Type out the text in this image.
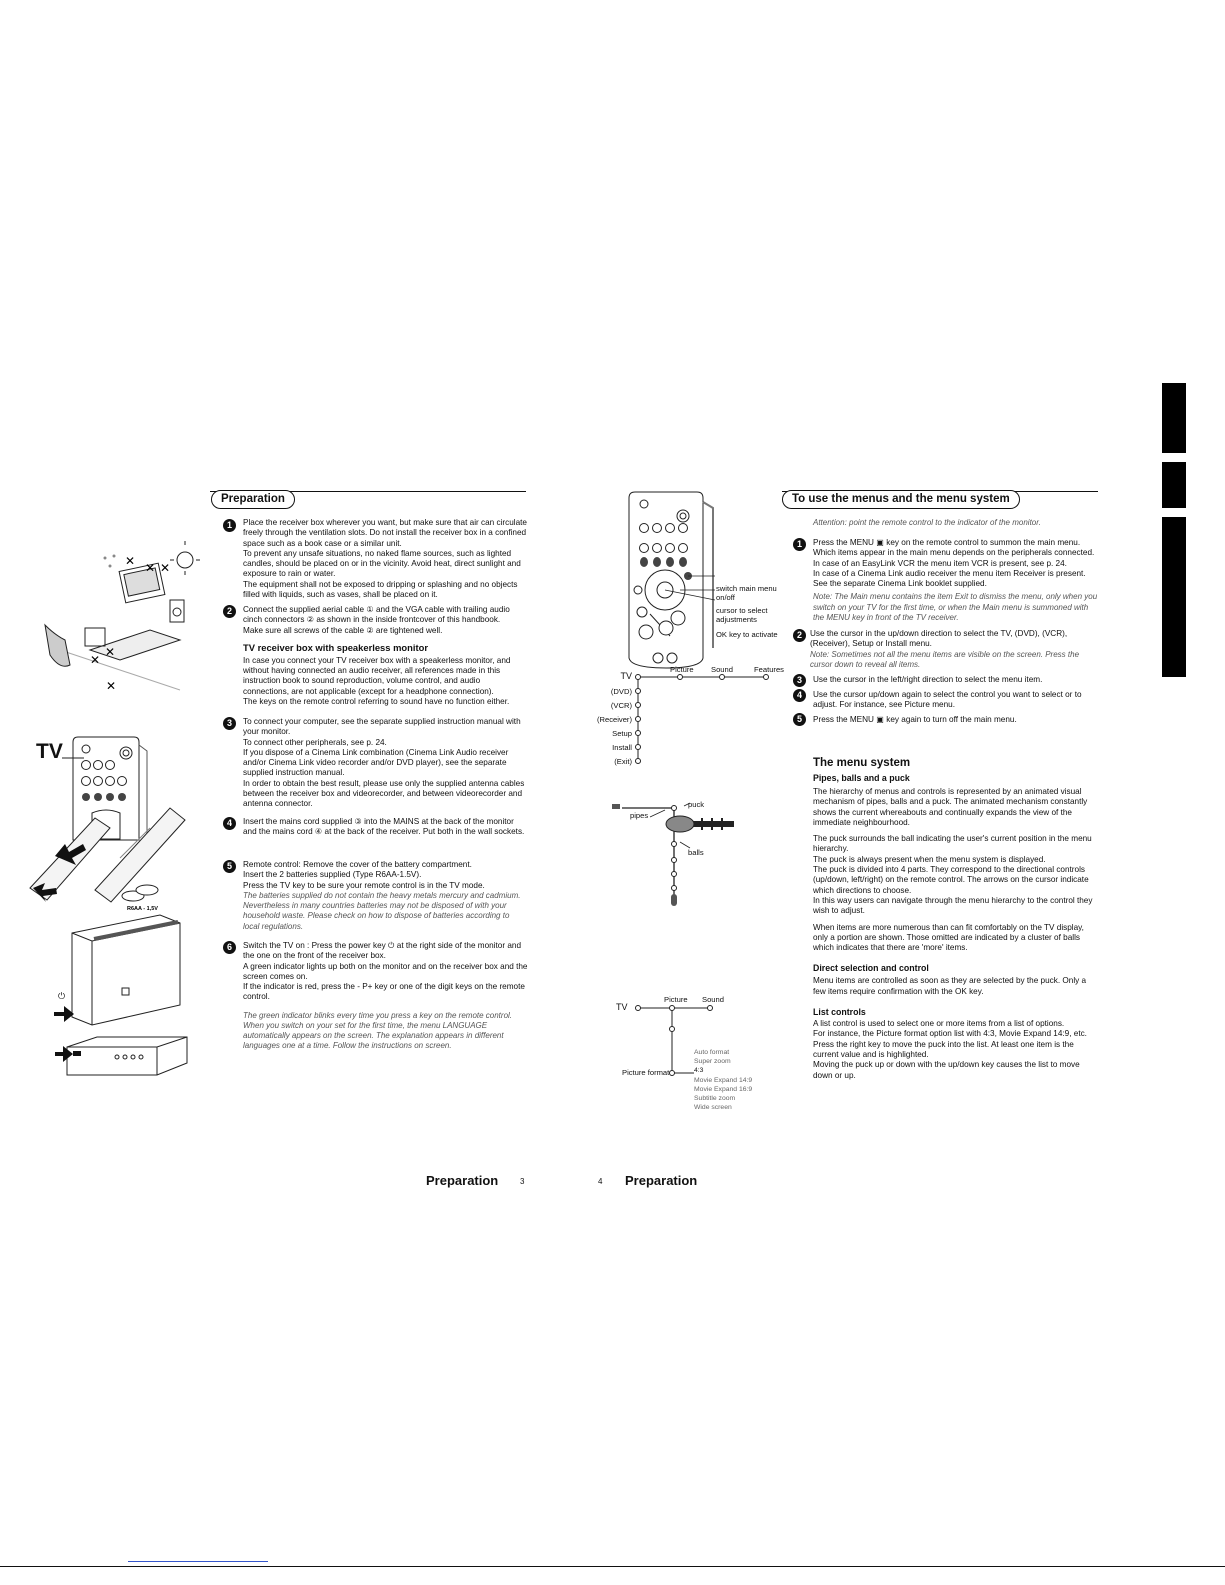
✕ ✕ ✕
✕
✕
✕
TV
R6AA - 1,5V
⏻
Preparation
1	Place the receiver box wherever you want, but make sure that air can circulate freely through the ventilation slots. Do not install the receiver box in a confined space such as a book case or a similar unit.

To prevent any unsafe situations, no naked flame sources, such as lighted candles, should be placed on or in the vicinity. Avoid heat, direct sunlight and exposure to rain or water.

The equipment shall not be exposed to dripping or splashing and no objects filled with liquids, such as vases, shall be placed on it.

2	Connect the supplied aerial cable ① and the VGA cable with trailing audio cinch connectors ② as shown in the inside frontcover of this handbook.

Make sure all screws of the cable ② are tightened well.

TV receiver box with speakerless monitor

In case you connect your TV receiver box with a speakerless monitor, and without having connected an audio receiver, all references made in this instruction book to sound reproduction, volume control, and audio connections, are not applicable (except for a headphone connection).

The keys on the remote control referring to sound have no function either.

3	To connect your computer, see the separate supplied instruction manual with your monitor.

To connect other peripherals, see p. 24.

If you dispose of a Cinema Link combination (Cinema Link Audio receiver and/or Cinema Link video recorder and/or DVD player), see the separate supplied instruction manual.

In order to obtain the best result, please use only the supplied antenna cables between the receiver box and videorecorder, and between videorecorder and antenna connector.

4	Insert the mains cord supplied ③ into the MAINS at the back of the monitor and the mains cord ④ at the back of the receiver. Put both in the wall sockets.

5	Remote control: Remove the cover of the battery compartment.

Insert the 2 batteries supplied (Type R6AA-1.5V).

Press the TV key to be sure your remote control is in the TV mode.

The batteries supplied do not contain the heavy metals mercury and cadmium. Nevertheless in many countries batteries may not be disposed of with your household waste. Please check on how to dispose of batteries according to local regulations.

6	Switch the TV on : Press the power key ⏻ at the right side of the monitor and the one on the front of the receiver box.

A green indicator lights up both on the monitor and on the receiver box and the screen comes on.

If the indicator is red, press the - P+ key or one of the digit keys on the remote control.

The green indicator blinks every time you press a key on the remote control. When you switch on your set for the first time, the menu LANGUAGE automatically appears on the screen. The explanation appears in different languages one at a time. Follow the instructions on screen.

Preparation	3
switch main menu on/off
cursor to select adjustments
OK key to activate
Picture Sound	Features
TV
(DVD)
(VCR)
(Receiver)
Setup
Install
(Exit)
pipes
puck
balls
Picture Sound
TV
Picture format
Auto format
Super zoom
4:3
Movie Expand 14:9
Movie Expand 16:9
Subtitle zoom
Wide screen
To use the menus and the menu system
Attention: point the remote control to the indicator of the monitor.
1	Press the MENU ▣ key on the remote control to summon the main menu. Which items appear in the main menu depends on the peripherals connected.

In case of an EasyLink VCR the menu item VCR is present, see p. 24.

In case of a Cinema Link audio receiver the menu item Receiver is present. See the separate Cinema Link booklet supplied.

Note: The Main menu contains the item Exit to dismiss the menu, only when you switch on your TV for the first time, or when the Main menu is summoned with the MENU key in front of the TV receiver.

2 Use the cursor in the up/down direction to select the TV, (DVD), (VCR), (Receiver), Setup or Install menu.

Note: Sometimes not all the menu items are visible on the screen. Press the cursor down to reveal all items.

3	Use the cursor in the left/right direction to select the menu item.

4	Use the cursor up/down again to select the control you want to select or to adjust. For instance, see Picture menu.

5	Press the MENU ▣ key again to turn off the main menu.

The menu system

Pipes, balls and a puck

The hierarchy of menus and controls is represented by an animated visual mechanism of pipes, balls and a puck. The animated mechanism constantly shows the current whereabouts and continually expands the view of the immediate neighbourhood.

The puck surrounds the ball indicating the user's current position in the menu hierarchy.

The puck is always present when the menu system is displayed.

The puck is divided into 4 parts. They correspond to the directional controls (up/down, left/right) on the remote control. The arrows on the cursor indicate which directions to choose.

In this way users can navigate through the menu hierarchy to the control they wish to adjust.

When items are more numerous than can fit comfortably on the TV display, only a portion are shown. Those omitted are indicated by a cluster of balls which indicates that there are 'more' items.

Direct selection and control

Menu items are controlled as soon as they are selected by the puck. Only a few items require confirmation with the OK key.

List controls

A list control is used to select one or more items from a list of options.

For instance, the Picture format option list with 4:3, Movie Expand 14:9, etc.

Press the right key to move the puck into the list. At least one item is the current value and is highlighted.

Moving the puck up or down with the up/down key causes the list to move down or up.

4 Preparation
